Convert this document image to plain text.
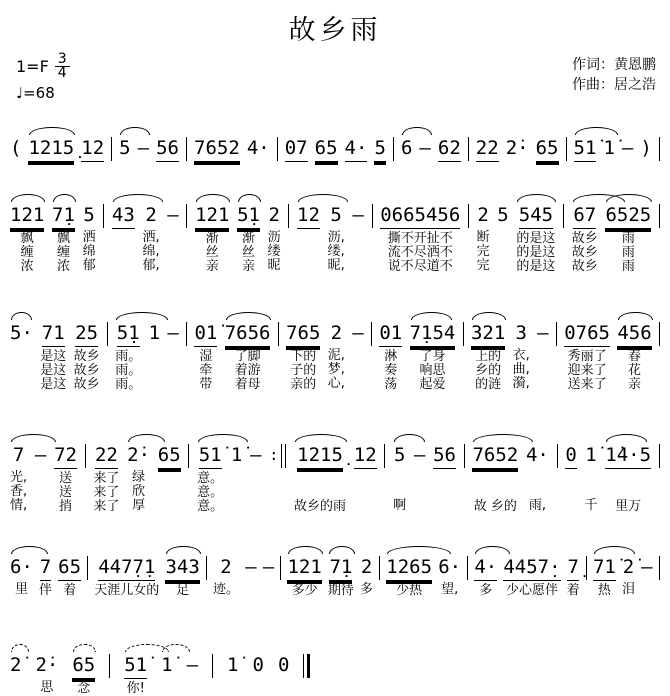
故乡雨
$1=F \frac{3}{4}$
♩=68
作词：黄恩鹏
作曲：居之浩
( 1215̣ 12 5 – 56 7652 4· 07 65 4· 5 6 – 62 22 2̇· 65 51̇ 1̇ – )
121
飘
缠
浓
7̣1
飘
缠
浓
5
洒
绵
郁
43 2
洒,
绵,
郁,
– 121
渐
丝
亲
5̣1
渐
丝
亲
2
沥
缕
昵
12 5
沥,
缕,
昵,
– 0665456
撕不开扯不
流不尽洒不
说不尽道不
2
断
完
完
5 545
的是这
的是这
的是这
67
故乡
故乡
故乡
6525
雨
雨
雨
5· 71
是这
是这
是这
25
故乡
故乡
故乡
5̣1
雨。
雨。
雨。
1 – 01̇
湿
牵
带
7656
了脚
着游
着母
765
下的
子的
亲的
2
泥,
梦,
心,
– 01
淋
奏
荡
7̣154
了身
响思
起爱
321
上的
乡的
的涟
3
衣,
曲,
漪,
– 0765
秀丽了
迎来了
送来了
456
春
花
亲
7
光,
香,
情,
– 72
送
送
捎
22
来了
来了
来了
2̇·
绿
欣
厚
65 51̇
意。
意。
意。
1̇ – : 1215̣
故乡的雨
12 5
啊
– 56 7652
故 乡的
4·
雨,
0 1̇
千
1̇4·5
里万
6·
里
7
伴
65
着
447̣7̣1
天涯儿女的
343
足
2
迹。
– – 121
多少
7̣1
期待
2
多
1265
少热
6·
望,
4·
多
4457̣·
少心愿伴
7̣
着
71̇
热
2̇
泪
–
2̇ 2̇·
思
65
念
51̇
你!
1̇ – 1̇ 0 0
